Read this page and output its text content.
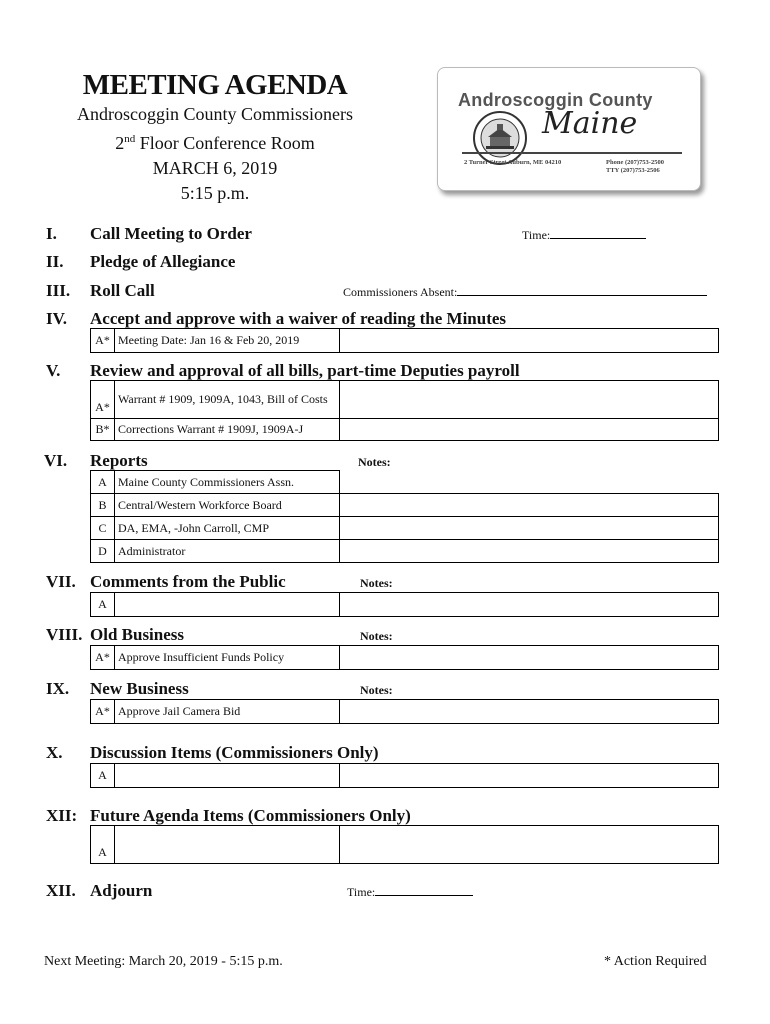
MEETING AGENDA
Androscoggin County Commissioners
2nd Floor Conference Room
MARCH 6, 2019
5:15 p.m.
Androscoggin County
Maine
2 Turner Street Auburn, ME 04210	Phone (207)753-2500
TTY (207)753-2506
I. Call Meeting to Order	Time:
II. Pledge of Allegiance
III. Roll Call	Commissioners Absent:
IV. Accept and approve with a waiver of reading the Minutes
A*	Meeting Date: Jan 16 & Feb 20, 2019	
V. Review and approval of all bills, part-time Deputies payroll
A*	Warrant # 1909, 1909A, 1043, Bill of Costs	
B*	Corrections Warrant # 1909J, 1909A-J	
VI. Reports	Notes:
A	Maine County Commissioners Assn.	
B	Central/Western Workforce Board	
C	DA, EMA, -John Carroll, CMP	
D	Administrator	
VII. Comments from the Public	Notes:
A		
VIII. Old Business	Notes:
A*	Approve Insufficient Funds Policy	
IX. New Business	Notes:
A*	Approve Jail Camera Bid	
X. Discussion Items (Commissioners Only)
A		
XII: Future Agenda Items (Commissioners Only)
A		
XII. Adjourn	Time:
Next Meeting: March 20, 2019 - 5:15 p.m.	* Action Required
